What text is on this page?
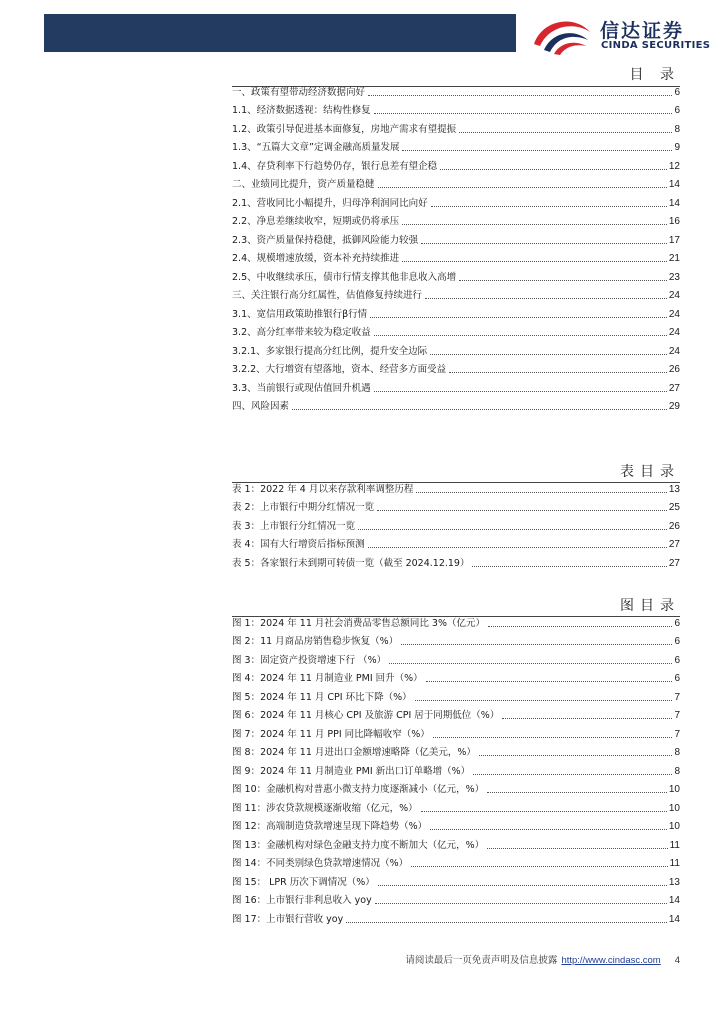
信达证券
CINDA SECURITIES
目 录
一、政策有望带动经济数据向好	6
1.1、经济数据透视：结构性修复	6
1.2、政策引导促进基本面修复，房地产需求有望提振	8
1.3、“五篇大文章”定调金融高质量发展	9
1.4、存贷利率下行趋势仍存，银行息差有望企稳	12
二、业绩同比提升，资产质量稳健	14
2.1、营收同比小幅提升，归母净利润同比向好	14
2.2、净息差继续收窄，短期或仍将承压	16
2.3、资产质量保持稳健，抵御风险能力较强	17
2.4、规模增速放缓，资本补充持续推进	21
2.5、中收继续承压，债市行情支撑其他非息收入高增	23
三、关注银行高分红属性，估值修复持续进行	24
3.1、宽信用政策助推银行β行情	24
3.2、高分红率带来较为稳定收益	24
3.2.1、多家银行提高分红比例，提升安全边际	24
3.2.2、大行增资有望落地，资本、经营多方面受益	26
3.3、当前银行或现估值回升机遇	27
四、风险因素	29
表目录
表 1：2022 年 4 月以来存款利率调整历程	13
表 2：上市银行中期分红情况一览	25
表 3：上市银行分红情况一览	26
表 4：国有大行增资后指标预测	27
表 5：各家银行未到期可转债一览（截至 2024.12.19）	27
图目录
图 1：2024 年 11 月社会消费品零售总额同比 3%（亿元）	6
图 2：11 月商品房销售稳步恢复（%）	6
图 3：固定资产投资增速下行 （%）	6
图 4：2024 年 11 月制造业 PMI 回升（%）	6
图 5：2024 年 11 月 CPI 环比下降（%）	7
图 6：2024 年 11 月核心 CPI 及旅游 CPI 居于同期低位（%）	7
图 7：2024 年 11 月 PPI 同比降幅收窄（%）	7
图 8：2024 年 11 月进出口金额增速略降（亿美元，%）	8
图 9：2024 年 11 月制造业 PMI 新出口订单略增（%）	8
图 10：金融机构对普惠小微支持力度逐渐减小（亿元，%）	10
图 11：涉农贷款规模逐渐收缩（亿元，%）	10
图 12：高端制造贷款增速呈现下降趋势（%）	10
图 13：金融机构对绿色金融支持力度不断加大（亿元，%）	11
图 14：不同类别绿色贷款增速情况（%）	11
图 15： LPR 历次下调情况（%）	13
图 16：上市银行非利息收入 yoy	14
图 17：上市银行营收 yoy	14
请阅读最后一页免责声明及信息披露 http://www.cindasc.com 4
